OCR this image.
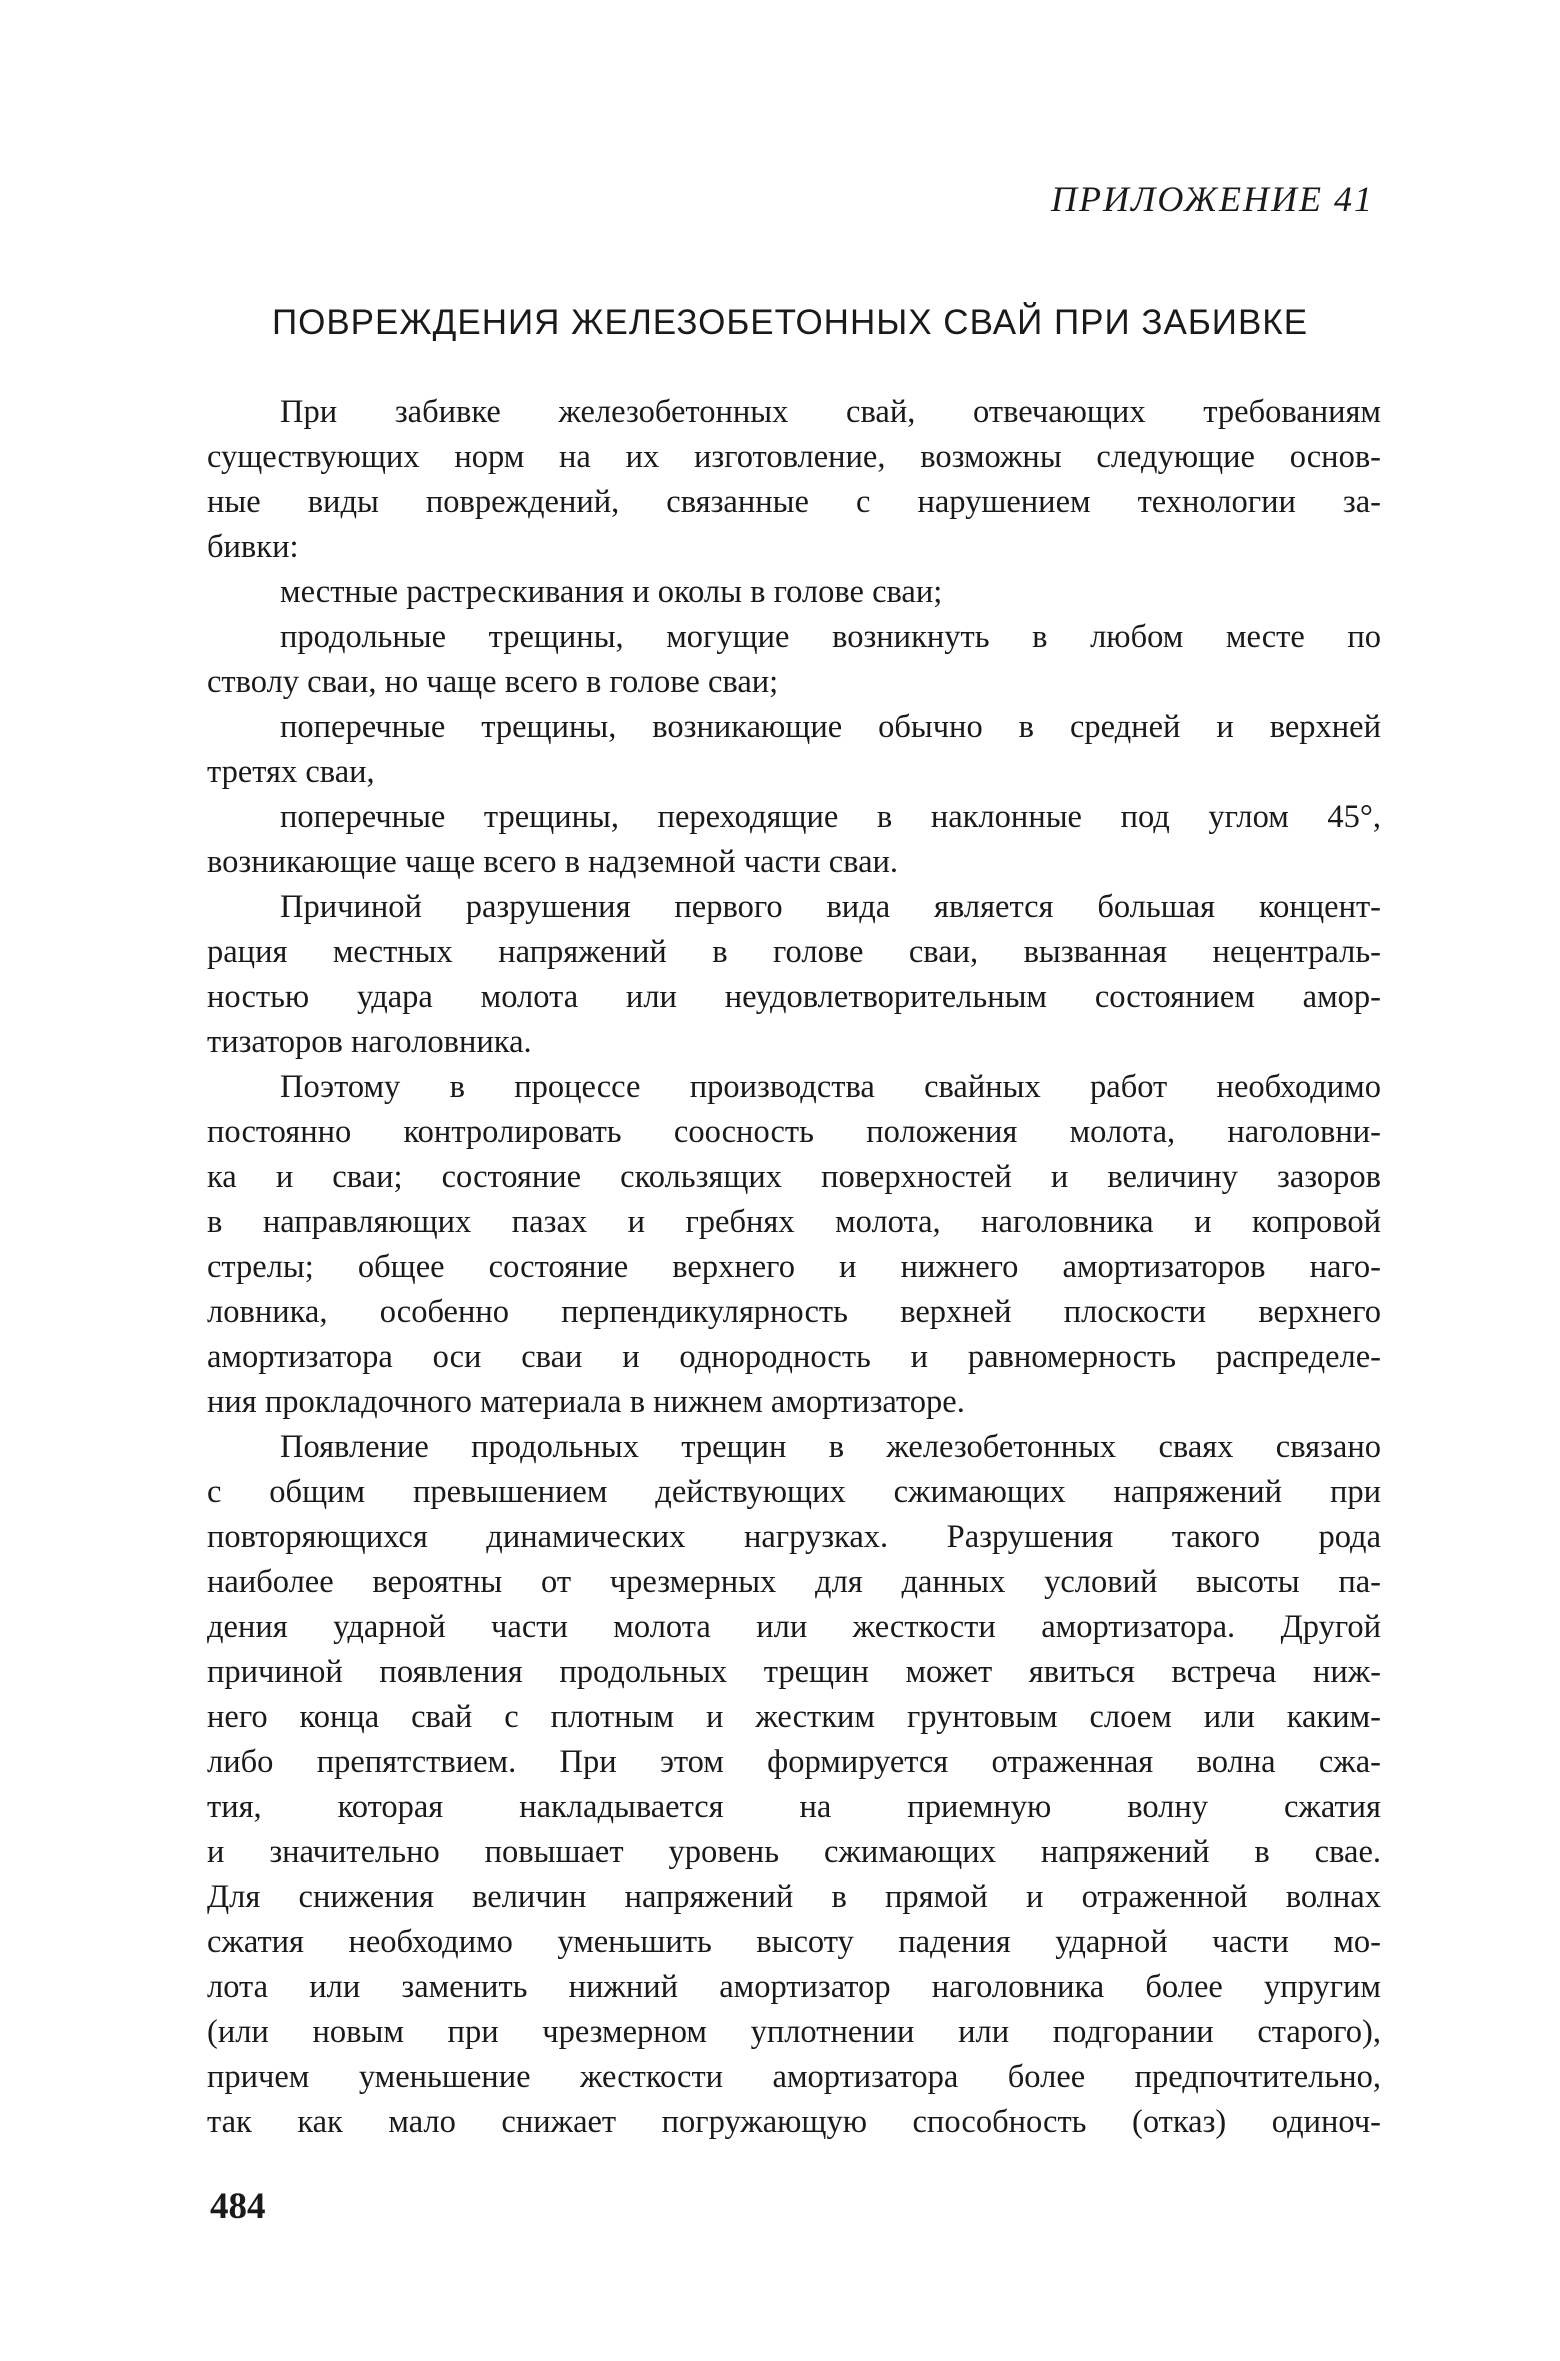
ПРИЛОЖЕНИЕ 41
ПОВРЕЖДЕНИЯ ЖЕЛЕЗОБЕТОННЫХ СВАЙ ПРИ ЗАБИВКЕ
При забивке железобетонных свай, отвечающих требованиям
существующих норм на их изготовление, возможны следующие основ-
ные виды повреждений, связанные с нарушением технологии за-
бивки:
местные растрескивания и околы в голове сваи;
продольные трещины, могущие возникнуть в любом месте по
стволу сваи, но чаще всего в голове сваи;
поперечные трещины, возникающие обычно в средней и верхней
третях сваи,
поперечные трещины, переходящие в наклонные под углом 45°,
возникающие чаще всего в надземной части сваи.
Причиной разрушения первого вида является большая концент-
рация местных напряжений в голове сваи, вызванная нецентраль-
ностью удара молота или неудовлетворительным состоянием амор-
тизаторов наголовника.
Поэтому в процессе производства свайных работ необходимо
постоянно контролировать соосность положения молота, наголовни-
ка и сваи; состояние скользящих поверхностей и величину зазоров
в направляющих пазах и гребнях молота, наголовника и копровой
стрелы; общее состояние верхнего и нижнего амортизаторов наго-
ловника, особенно перпендикулярность верхней плоскости верхнего
амортизатора оси сваи и однородность и равномерность распределе-
ния прокладочного материала в нижнем амортизаторе.
Появление продольных трещин в железобетонных сваях связано
с общим превышением действующих сжимающих напряжений при
повторяющихся динамических нагрузках. Разрушения такого рода
наиболее вероятны от чрезмерных для данных условий высоты па-
дения ударной части молота или жесткости амортизатора. Другой
причиной появления продольных трещин может явиться встреча ниж-
него конца свай с плотным и жестким грунтовым слоем или каким-
либо препятствием. При этом формируется отраженная волна сжа-
тия, которая накладывается на приемную волну сжатия
и значительно повышает уровень сжимающих напряжений в свае.
Для снижения величин напряжений в прямой и отраженной волнах
сжатия необходимо уменьшить высоту падения ударной части мо-
лота или заменить нижний амортизатор наголовника более упругим
(или новым при чрезмерном уплотнении или подгорании старого),
причем уменьшение жесткости амортизатора более предпочтительно,
так как мало снижает погружающую способность (отказ) одиноч-
484
